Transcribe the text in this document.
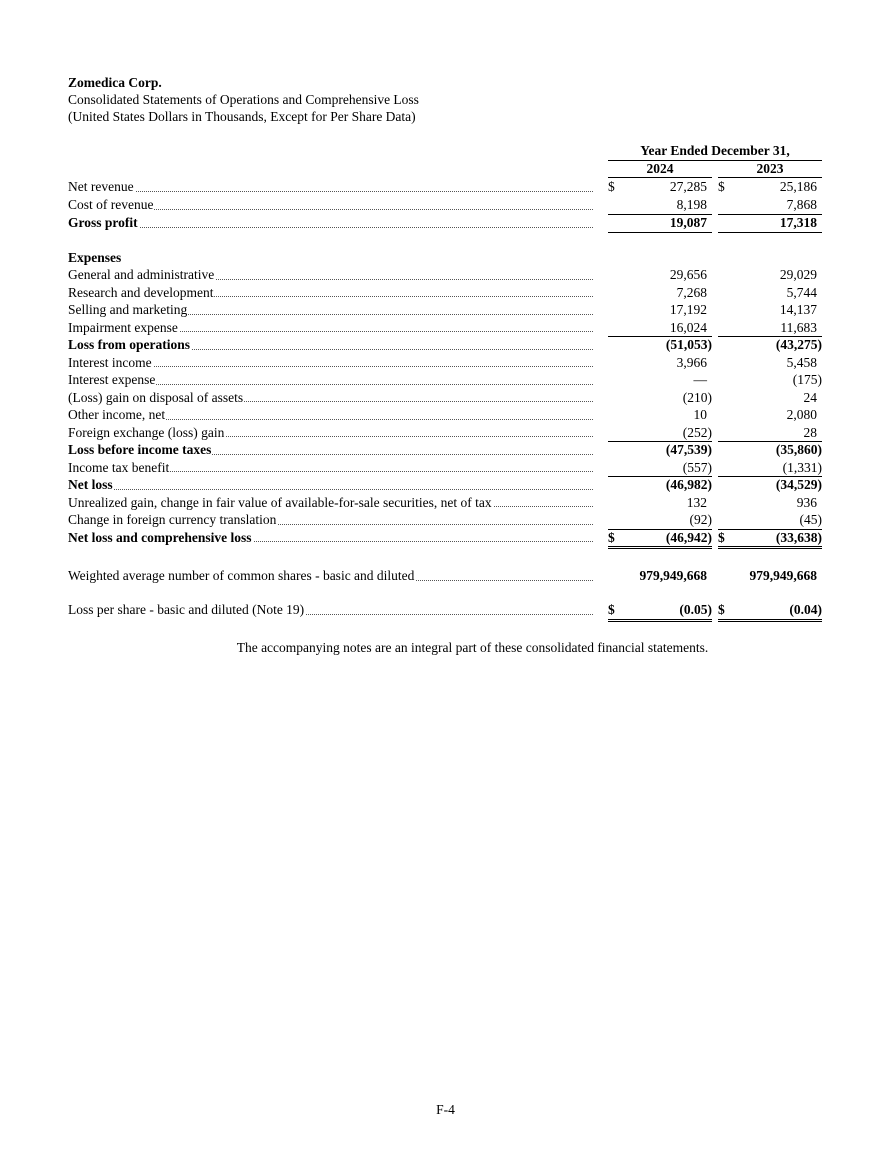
Zomedica Corp.
Consolidated Statements of Operations and Comprehensive Loss
(United States Dollars in Thousands, Except for Per Share Data)
Year Ended December 31,
2024	2023
Net revenue	$	27,285 $	25,186
Cost of revenue	8,198	7,868
Gross profit	19,087	17,318
Expenses
General and administrative	29,656	29,029
Research and development	7,268	5,744
Selling and marketing	17,192	14,137
Impairment expense	16,024	11,683
Loss from operations	(51,053)	(43,275)
Interest income	3,966	5,458
Interest expense	—	(175)
(Loss) gain on disposal of assets	(210)	24
Other income, net	10	2,080
Foreign exchange (loss) gain	(252)	28
Loss before income taxes	(47,539)	(35,860)
Income tax benefit	(557)	(1,331)
Net loss	(46,982)	(34,529)
Unrealized gain, change in fair value of available-for-sale securities, net of tax	132	936
Change in foreign currency translation	(92)	(45)
Net loss and comprehensive loss	$	(46,942) $	(33,638)
Weighted average number of common shares - basic and diluted	979,949,668	979,949,668
Loss per share - basic and diluted (Note 19)	$	(0.05) $	(0.04)
The accompanying notes are an integral part of these consolidated financial statements.
F-4
